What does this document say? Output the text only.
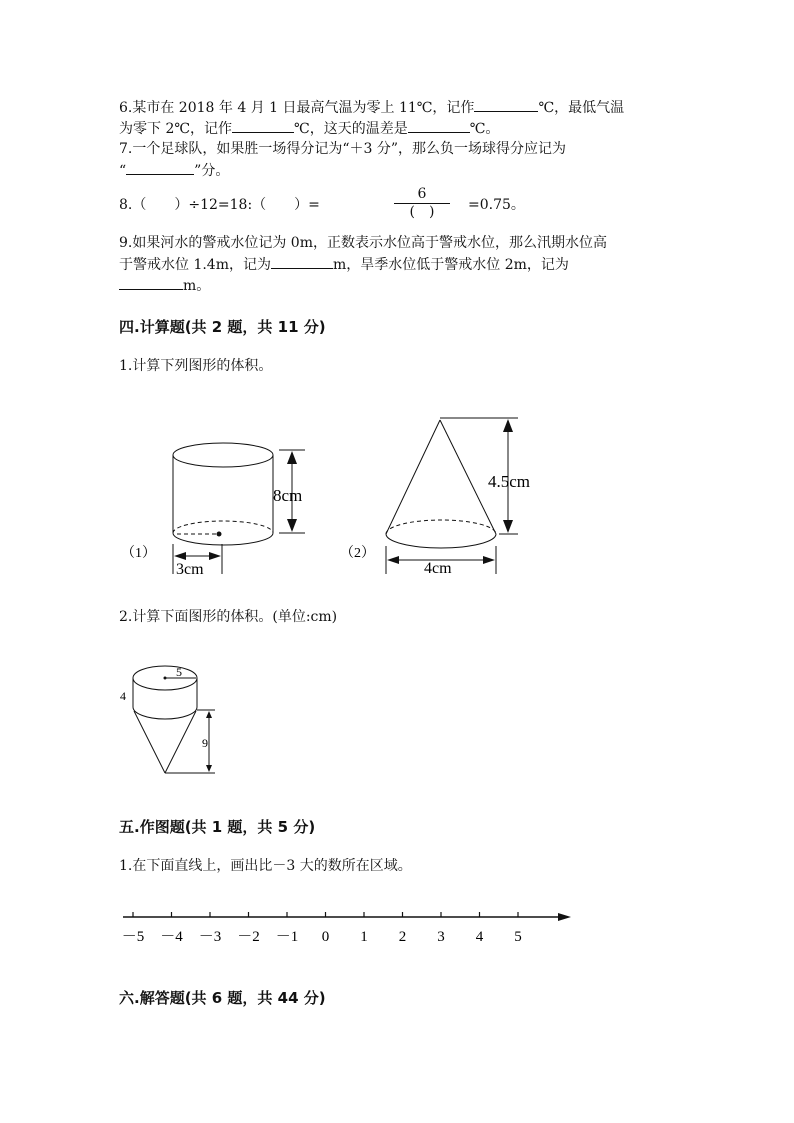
6.某市在 2018 年 4 月 1 日最高气温为零上 11℃，记作	℃，最低气温
为零下 2℃，记作	℃，这天的温差是	℃。
7.一个足球队，如果胜一场得分记为“＋3 分”，那么负一场球得分应记为
“	”分。
8.（　　）÷12=18:（　　）=
6
(　)	=0.75。
9.如果河水的警戒水位记为 0m，正数表示水位高于警戒水位，那么汛期水位高
于警戒水位 1.4m，记为	m，旱季水位低于警戒水位 2m，记为
m。
四.计算题(共 2 题，共 11 分)
1.计算下列图形的体积。
8cm
3cm
（1）
4.5cm
4cm
（2）
2.计算下面图形的体积。(单位:cm)
5
4
9
五.作图题(共 1 题，共 5 分)
1.在下面直线上，画出比－3 大的数所在区域。
－5 －4 －3 －2 －1 0 1 2 3 4 5
六.解答题(共 6 题，共 44 分)
